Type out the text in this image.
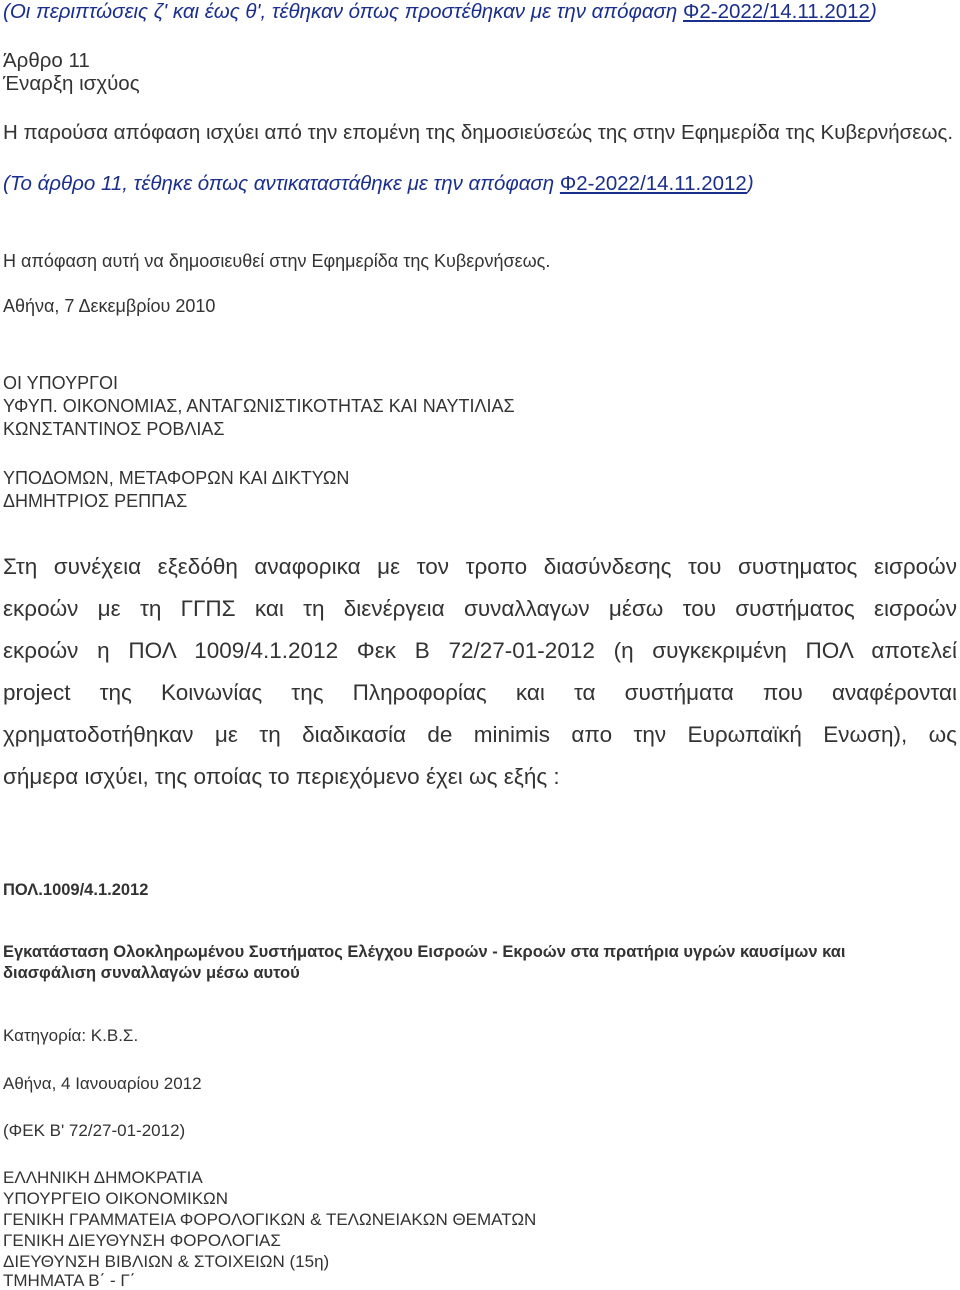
(Οι περιπτώσεις ζ' και έως θ', τέθηκαν όπως προστέθηκαν με την απόφαση Φ2-2022/14.11.2012)
Άρθρο 11
Έναρξη ισχύος
Η παρούσα απόφαση ισχύει από την επομένη της δημοσιεύσεώς της στην Εφημερίδα της Κυβερνήσεως.
(Το άρθρο 11, τέθηκε όπως αντικαταστάθηκε με την απόφαση Φ2-2022/14.11.2012)
Η απόφαση αυτή να δημοσιευθεί στην Εφημερίδα της Κυβερνήσεως.
Αθήνα, 7 Δεκεμβρίου 2010
ΟΙ ΥΠΟΥΡΓΟΙ
ΥΦΥΠ. ΟΙΚΟΝΟΜΙΑΣ, ΑΝΤΑΓΩΝΙΣΤΙΚΟΤΗΤΑΣ ΚΑΙ ΝΑΥΤΙΛΙΑΣ
ΚΩΝΣΤΑΝΤΙΝΟΣ ΡΟΒΛΙΑΣ
ΥΠΟΔΟΜΩΝ, ΜΕΤΑΦΟΡΩΝ ΚΑΙ ΔΙΚΤΥΩΝ
ΔΗΜΗΤΡΙΟΣ ΡΕΠΠΑΣ
Στη συνέχεια εξεδόθη αναφορικα με τον τροπο διασύνδεσης του συστηματος εισροών
εκροών με τη ΓΓΠΣ και τη διενέργεια συναλλαγων μέσω του συστήματος εισροών
εκροών η ΠΟΛ 1009/4.1.2012 Φεκ Β 72/27-01-2012 (η συγκεκριμένη ΠΟΛ αποτελεί
project της Κοινωνίας της Πληροφορίας και τα συστήματα που αναφέρονται
χρηματοδοτήθηκαν με τη διαδικασία de minimis απο την Ευρωπαϊκή Ενωση), ως
σήμερα ισχύει, της οποίας το περιεχόμενο έχει ως εξής :
ΠΟΛ.1009/4.1.2012
Εγκατάσταση Ολοκληρωμένου Συστήματος Ελέγχου Εισροών - Εκροών στα πρατήρια υγρών καυσίμων και
διασφάλιση συναλλαγών μέσω αυτού
Κατηγορία: Κ.Β.Σ.
Αθήνα, 4 Ιανουαρίου 2012
(ΦΕΚ Β' 72/27-01-2012)
ΕΛΛΗΝΙΚΗ ΔΗΜΟΚΡΑΤΙΑ
ΥΠΟΥΡΓΕΙΟ ΟΙΚΟΝΟΜΙΚΩΝ
ΓΕΝΙΚΗ ΓΡΑΜΜΑΤΕΙΑ ΦΟΡΟΛΟΓΙΚΩΝ & ΤΕΛΩΝΕΙΑΚΩΝ ΘΕΜΑΤΩΝ
ΓΕΝΙΚΗ ΔΙΕΥΘΥΝΣΗ ΦΟΡΟΛΟΓΙΑΣ
ΔΙΕΥΘΥΝΣΗ ΒΙΒΛΙΩΝ & ΣΤΟΙΧΕΙΩΝ (15η)
ΤΜΗΜΑΤΑ Β΄ - Γ΄
